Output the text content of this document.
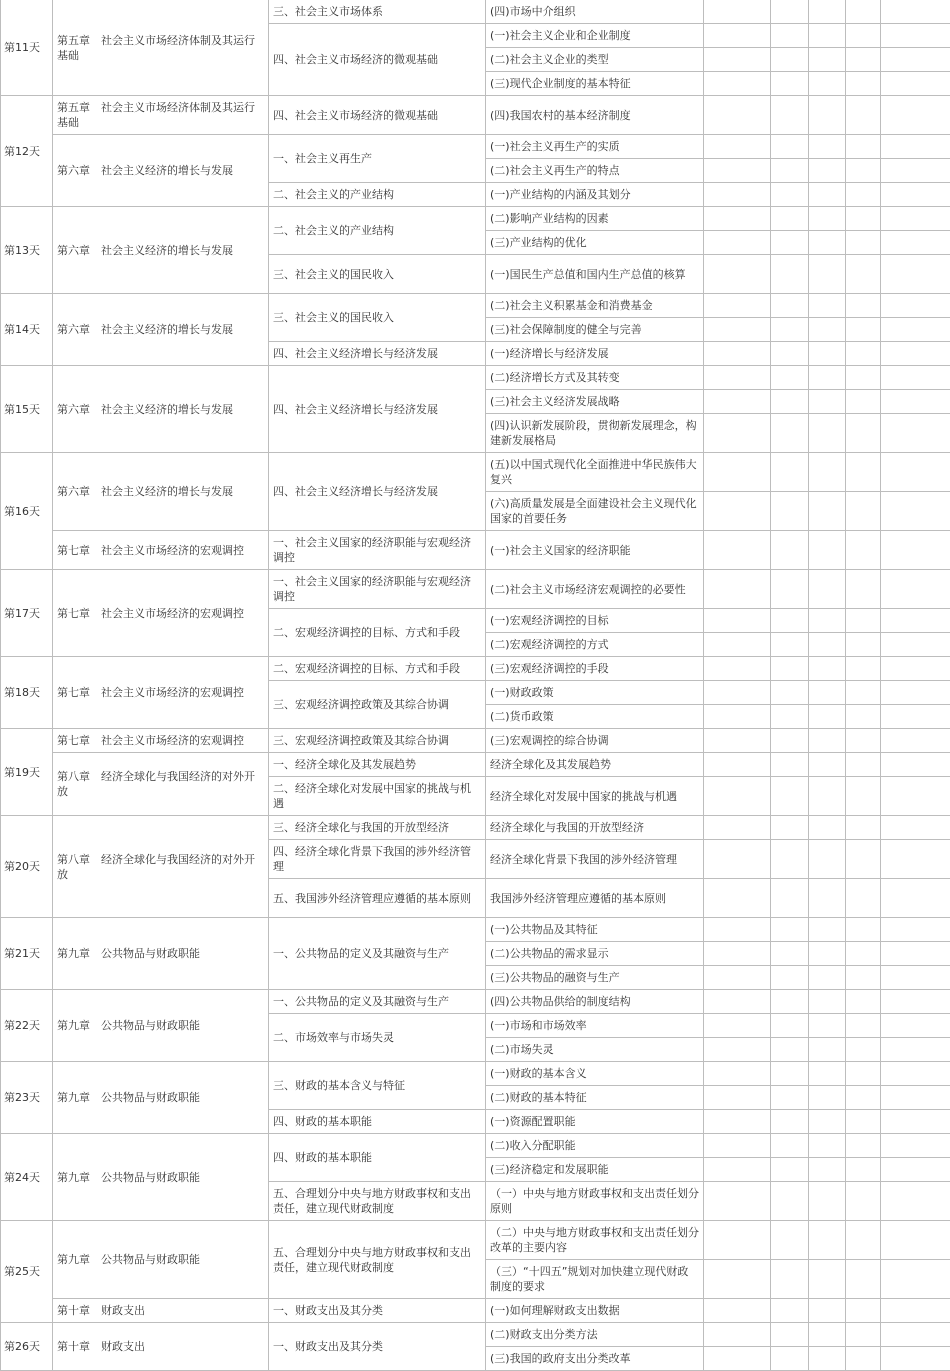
第11天	第五章　社会主义市场经济体制及其运行基础	三、社会主义市场体系	(四)市场中介组织					
		四、社会主义市场经济的微观基础	(一)社会主义企业和企业制度					
			(二)社会主义企业的类型					
			(三)现代企业制度的基本特征					
第12天	第五章　社会主义市场经济体制及其运行基础	四、社会主义市场经济的微观基础	(四)我国农村的基本经济制度					
	第六章　社会主义经济的增长与发展	一、社会主义再生产	(一)社会主义再生产的实质					
			(二)社会主义再生产的特点					
		二、社会主义的产业结构	(一)产业结构的内涵及其划分					
第13天	第六章　社会主义经济的增长与发展	二、社会主义的产业结构	(二)影响产业结构的因素					
			(三)产业结构的优化					
		三、社会主义的国民收入	(一)国民生产总值和国内生产总值的核算					
第14天	第六章　社会主义经济的增长与发展	三、社会主义的国民收入	(二)社会主义积累基金和消费基金					
			(三)社会保障制度的健全与完善					
		四、社会主义经济增长与经济发展	(一)经济增长与经济发展					
第15天	第六章　社会主义经济的增长与发展	四、社会主义经济增长与经济发展	(二)经济增长方式及其转变					
			(三)社会主义经济发展战略					
			(四)认识新发展阶段，贯彻新发展理念，构建新发展格局					
第16天	第六章　社会主义经济的增长与发展	四、社会主义经济增长与经济发展	(五)以中国式现代化全面推进中华民族伟大复兴					
			(六)高质量发展是全面建设社会主义现代化国家的首要任务					
	第七章　社会主义市场经济的宏观调控	一、社会主义国家的经济职能与宏观经济调控	(一)社会主义国家的经济职能					
第17天	第七章　社会主义市场经济的宏观调控	一、社会主义国家的经济职能与宏观经济调控	(二)社会主义市场经济宏观调控的必要性					
		二、宏观经济调控的目标、方式和手段	(一)宏观经济调控的目标					
			(二)宏观经济调控的方式					
第18天	第七章　社会主义市场经济的宏观调控	二、宏观经济调控的目标、方式和手段	(三)宏观经济调控的手段					
		三、宏观经济调控政策及其综合协调	(一)财政政策					
			(二)货币政策					
第19天	第七章　社会主义市场经济的宏观调控	三、宏观经济调控政策及其综合协调	(三)宏观调控的综合协调					
	第八章　经济全球化与我国经济的对外开放	一、经济全球化及其发展趋势	经济全球化及其发展趋势					
		二、经济全球化对发展中国家的挑战与机遇	经济全球化对发展中国家的挑战与机遇					
第20天	第八章　经济全球化与我国经济的对外开放	三、经济全球化与我国的开放型经济	经济全球化与我国的开放型经济					
		四、经济全球化背景下我国的涉外经济管理	经济全球化背景下我国的涉外经济管理					
		五、我国涉外经济管理应遵循的基本原则	我国涉外经济管理应遵循的基本原则					
第21天	第九章　公共物品与财政职能	一、公共物品的定义及其融资与生产	(一)公共物品及其特征					
			(二)公共物品的需求显示					
			(三)公共物品的融资与生产					
第22天	第九章　公共物品与财政职能	一、公共物品的定义及其融资与生产	(四)公共物品供给的制度结构					
		二、市场效率与市场失灵	(一)市场和市场效率					
			(二)市场失灵					
第23天	第九章　公共物品与财政职能	三、财政的基本含义与特征	(一)财政的基本含义					
			(二)财政的基本特征					
		四、财政的基本职能	(一)资源配置职能					
第24天	第九章　公共物品与财政职能	四、财政的基本职能	(二)收入分配职能					
			(三)经济稳定和发展职能					
		五、合理划分中央与地方财政事权和支出责任，建立现代财政制度	（一）中央与地方财政事权和支出责任划分原则					
第25天	第九章　公共物品与财政职能	五、合理划分中央与地方财政事权和支出责任，建立现代财政制度	（二）中央与地方财政事权和支出责任划分改革的主要内容					
			（三）“十四五”规划对加快建立现代财政制度的要求					
	第十章　财政支出	一、财政支出及其分类	(一)如何理解财政支出数据					
第26天	第十章　财政支出	一、财政支出及其分类	(二)财政支出分类方法					
			(三)我国的政府支出分类改革					
